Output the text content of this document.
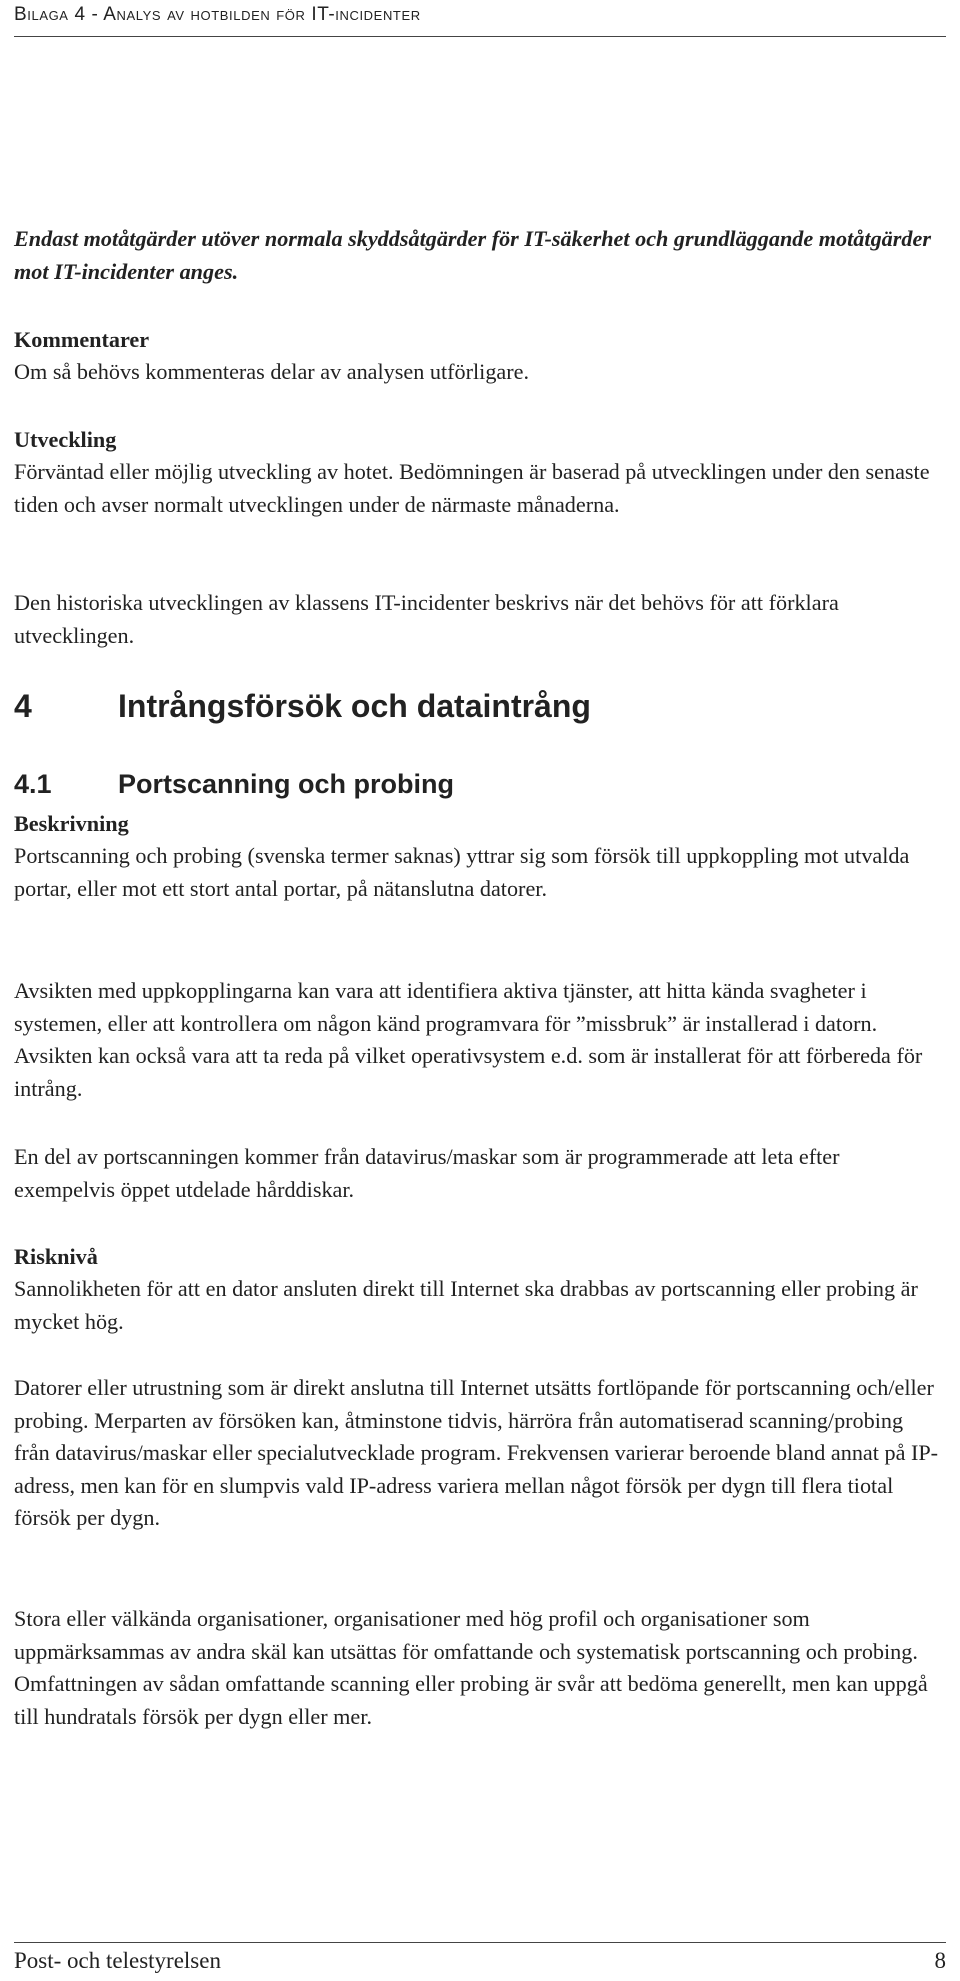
Bilaga 4 - Analys av hotbilden för IT-incidenter

Endast motåtgärder utöver normala skyddsåtgärder för IT-säkerhet och grundläggande motåtgärder mot IT-incidenter anges.

Kommentarer

Om så behövs kommenteras delar av analysen utförligare.

Utveckling

Förväntad eller möjlig utveckling av hotet. Bedömningen är baserad på utvecklingen under den senaste tiden och avser normalt utvecklingen under de närmaste månaderna.

Den historiska utvecklingen av klassens IT-incidenter beskrivs när det behövs för att förklara utvecklingen.

4	Intrångsförsök och dataintrång
4.1 Portscanning och probing

Beskrivning

Portscanning och probing (svenska termer saknas) yttrar sig som försök till uppkoppling mot utvalda portar, eller mot ett stort antal portar, på nätanslutna datorer.

Avsikten med uppkopplingarna kan vara att identifiera aktiva tjänster, att hitta kända svagheter i systemen, eller att kontrollera om någon känd programvara för ”missbruk” är installerad i datorn. Avsikten kan också vara att ta reda på vilket operativsystem e.d. som är installerat för att förbereda för intrång.

En del av portscanningen kommer från datavirus/maskar som är programmerade att leta efter exempelvis öppet utdelade hårddiskar.

Risknivå

Sannolikheten för att en dator ansluten direkt till Internet ska drabbas av portscanning eller probing är mycket hög.

Datorer eller utrustning som är direkt anslutna till Internet utsätts fortlöpande för portscanning och/eller probing. Merparten av försöken kan, åtminstone tidvis, härröra från automatiserad scanning/probing från datavirus/maskar eller specialutvecklade program. Frekvensen varierar beroende bland annat på IP-adress, men kan för en slumpvis vald IP-adress variera mellan något försök per dygn till flera tiotal försök per dygn.

Stora eller välkända organisationer, organisationer med hög profil och organisationer som uppmärksammas av andra skäl kan utsättas för omfattande och systematisk portscanning och probing. Omfattningen av sådan omfattande scanning eller probing är svår att bedöma generellt, men kan uppgå till hundratals försök per dygn eller mer.

Post- och telestyrelsen	8
